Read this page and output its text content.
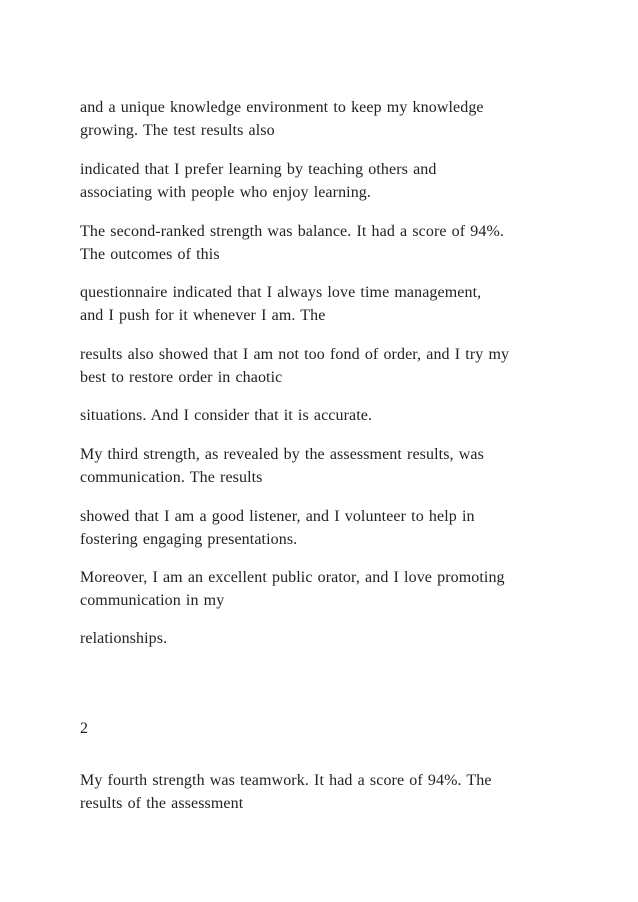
and a unique knowledge environment to keep my knowledge
growing. The test results also

indicated that I prefer learning by teaching others and
associating with people who enjoy learning.

The second-ranked strength was balance. It had a score of 94%.
The outcomes of this

questionnaire indicated that I always love time management,
and I push for it whenever I am. The

results also showed that I am not too fond of order, and I try my
best to restore order in chaotic

situations. And I consider that it is accurate.

My third strength, as revealed by the assessment results, was
communication. The results

showed that I am a good listener, and I volunteer to help in
fostering engaging presentations.

Moreover, I am an excellent public orator, and I love promoting
communication in my

relationships.

2

My fourth strength was teamwork. It had a score of 94%. The
results of the assessment
